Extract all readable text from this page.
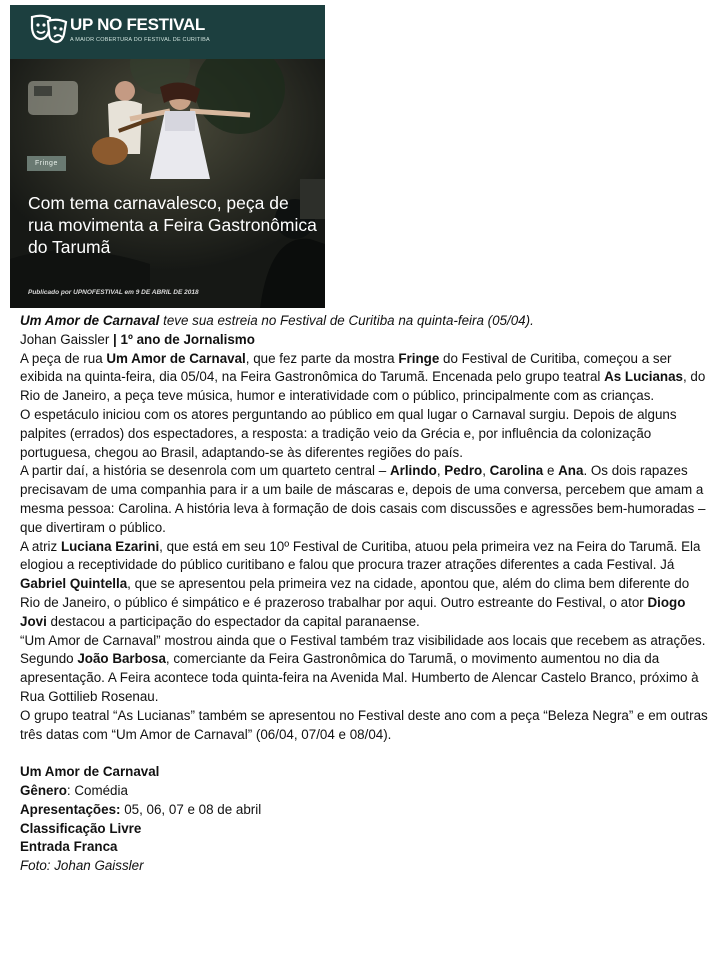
UP NO FESTIVAL
A MAIOR COBERTURA DO FESTIVAL DE CURITIBA
Fringe
Com tema carnavalesco, peça de rua movimenta a Feira Gastronômica do Tarumã
Publicado por UPNOFESTIVAL em 9 DE ABRIL DE 2018

Um Amor de Carnaval teve sua estreia no Festival de Curitiba na quinta-feira (05/04).

Johan Gaissler | 1º ano de Jornalismo

A peça de rua Um Amor de Carnaval, que fez parte da mostra Fringe do Festival de Curitiba, começou a ser exibida na quinta-feira, dia 05/04, na Feira Gastronômica do Tarumã. Encenada pelo grupo teatral As Lucianas, do Rio de Janeiro, a peça teve música, humor e interatividade com o público, principalmente com as crianças.

O espetáculo iniciou com os atores perguntando ao público em qual lugar o Carnaval surgiu. Depois de alguns palpites (errados) dos espectadores, a resposta: a tradição veio da Grécia e, por influência da colonização portuguesa, chegou ao Brasil, adaptando-se às diferentes regiões do país.

A partir daí, a história se desenrola com um quarteto central – Arlindo, Pedro, Carolina e Ana. Os dois rapazes precisavam de uma companhia para ir a um baile de máscaras e, depois de uma conversa, percebem que amam a mesma pessoa: Carolina. A história leva à formação de dois casais com discussões e agressões bem-humoradas – que divertiram o público.

A atriz Luciana Ezarini, que está em seu 10º Festival de Curitiba, atuou pela primeira vez na Feira do Tarumã. Ela elogiou a receptividade do público curitibano e falou que procura trazer atrações diferentes a cada Festival. Já Gabriel Quintella, que se apresentou pela primeira vez na cidade, apontou que, além do clima bem diferente do Rio de Janeiro, o público é simpático e é prazeroso trabalhar por aqui. Outro estreante do Festival, o ator Diogo Jovi destacou a participação do espectador da capital paranaense.

“Um Amor de Carnaval” mostrou ainda que o Festival também traz visibilidade aos locais que recebem as atrações. Segundo João Barbosa, comerciante da Feira Gastronômica do Tarumã, o movimento aumentou no dia da apresentação. A Feira acontece toda quinta-feira na Avenida Mal. Humberto de Alencar Castelo Branco, próximo à Rua Gottilieb Rosenau.

O grupo teatral “As Lucianas” também se apresentou no Festival deste ano com a peça “Beleza Negra” e em outras três datas com “Um Amor de Carnaval” (06/04, 07/04 e 08/04).

Um Amor de Carnaval

Gênero: Comédia

Apresentações: 05, 06, 07 e 08 de abril

Classificação Livre

Entrada Franca

Foto: Johan Gaissler
